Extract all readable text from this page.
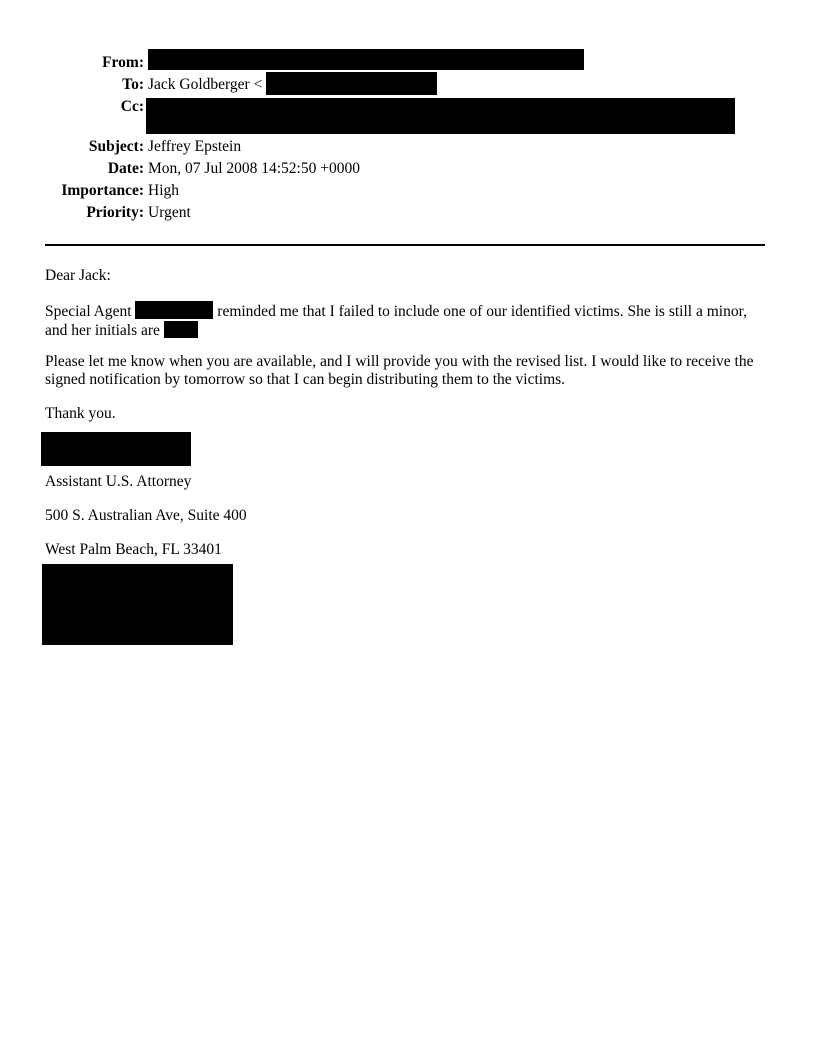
From:
To: Jack Goldberger <
Cc:
Subject: Jeffrey Epstein
Date: Mon, 07 Jul 2008 14:52:50 +0000
Importance: High
Priority: Urgent
Dear Jack:
Special Agent	reminded me that I failed to include one of our identified victims. She is still a minor, and her initials are
Please let me know when you are available, and I will provide you with the revised list. I would like to receive the signed notification by tomorrow so that I can begin distributing them to the victims.
Thank you.
Assistant U.S. Attorney
500 S. Australian Ave, Suite 400
West Palm Beach, FL 33401
